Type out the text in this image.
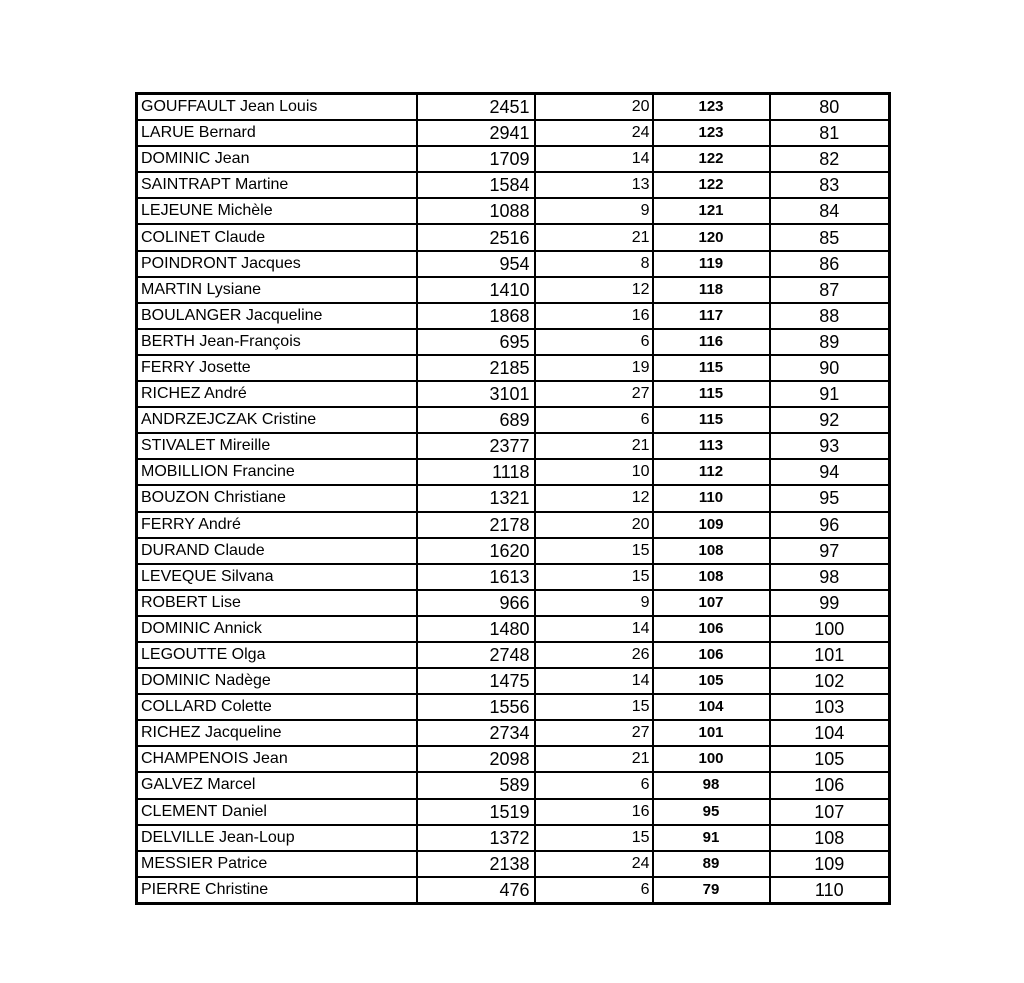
GOUFFAULT Jean Louis	2451	20	123	80
LARUE Bernard	2941	24	123	81
DOMINIC Jean	1709	14	122	82
SAINTRAPT Martine	1584	13	122	83
LEJEUNE Michèle	1088	9	121	84
COLINET Claude	2516	21	120	85
POINDRONT Jacques	954	8	119	86
MARTIN Lysiane	1410	12	118	87
BOULANGER Jacqueline	1868	16	117	88
BERTH Jean-François	695	6	116	89
FERRY Josette	2185	19	115	90
RICHEZ André	3101	27	115	91
ANDRZEJCZAK Cristine	689	6	115	92
STIVALET Mireille	2377	21	113	93
MOBILLION Francine	1118	10	112	94
BOUZON Christiane	1321	12	110	95
FERRY André	2178	20	109	96
DURAND Claude	1620	15	108	97
LEVEQUE Silvana	1613	15	108	98
ROBERT Lise	966	9	107	99
DOMINIC Annick	1480	14	106	100
LEGOUTTE Olga	2748	26	106	101
DOMINIC Nadège	1475	14	105	102
COLLARD Colette	1556	15	104	103
RICHEZ Jacqueline	2734	27	101	104
CHAMPENOIS Jean	2098	21	100	105
GALVEZ Marcel	589	6	98	106
CLEMENT Daniel	1519	16	95	107
DELVILLE Jean-Loup	1372	15	91	108
MESSIER Patrice	2138	24	89	109
PIERRE Christine	476	6	79	110
